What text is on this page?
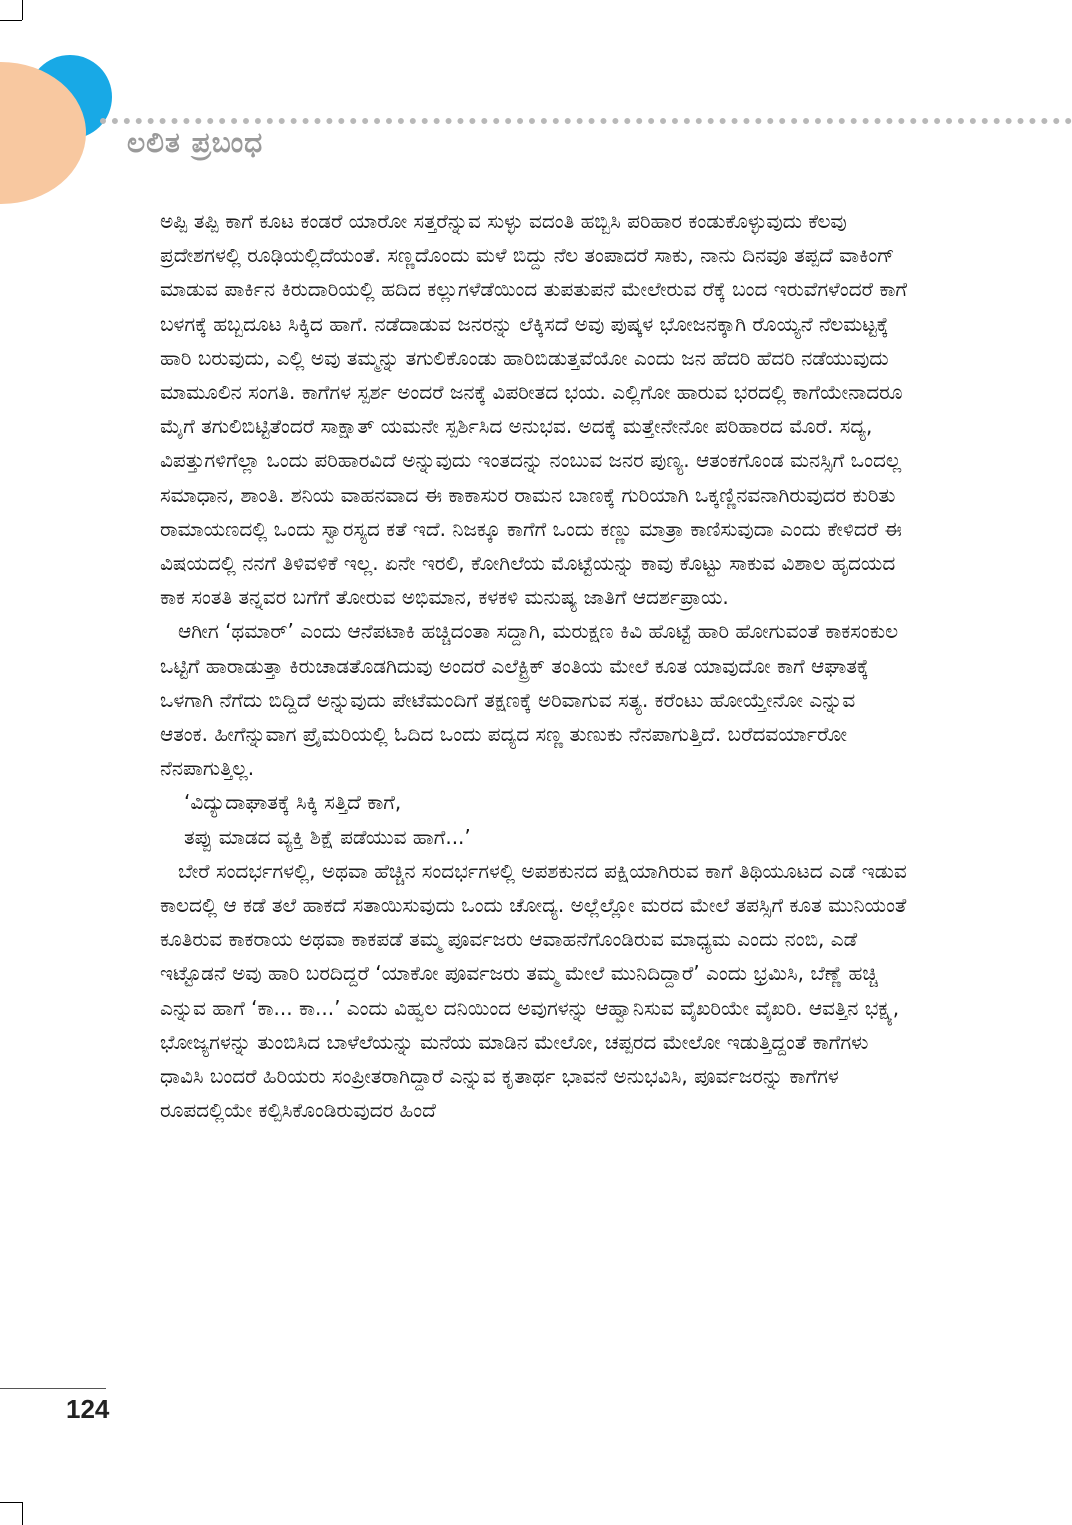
ಲಲಿತ ಪ್ರಬಂಧ

ಅಪ್ಪಿ ತಪ್ಪಿ ಕಾಗೆ ಕೂಟ ಕಂಡರೆ ಯಾರೋ ಸತ್ತರೆನ್ನುವ ಸುಳ್ಳು ವದಂತಿ ಹಬ್ಬಿಸಿ ಪರಿಹಾರ ಕಂಡುಕೊಳ್ಳುವುದು ಕೆಲವು ಪ್ರದೇಶಗಳಲ್ಲಿ ರೂಢಿಯಲ್ಲಿದೆಯಂತೆ. ಸಣ್ಣದೊಂದು ಮಳೆ ಬಿದ್ದು ನೆಲ ತಂಪಾದರೆ ಸಾಕು, ನಾನು ದಿನವೂ ತಪ್ಪದೆ ವಾಕಿಂಗ್ ಮಾಡುವ ಪಾರ್ಕಿನ ಕಿರುದಾರಿಯಲ್ಲಿ ಹದಿದ ಕಲ್ಲುಗಳೆಡೆಯಿಂದ ತುಪತುಪನೆ ಮೇಲೇರುವ ರೆಕ್ಕೆ ಬಂದ ಇರುವೆಗಳೆಂದರೆ ಕಾಗೆ ಬಳಗಕ್ಕೆ ಹಬ್ಬದೂಟ ಸಿಕ್ಕಿದ ಹಾಗೆ. ನಡೆದಾಡುವ ಜನರನ್ನು ಲೆಕ್ಕಿಸದೆ ಅವು ಪುಷ್ಕಳ ಭೋಜನಕ್ಕಾಗಿ ರೊಯ್ಯನೆ ನೆಲಮಟ್ಟಕ್ಕೆ ಹಾರಿ ಬರುವುದು, ಎಲ್ಲಿ ಅವು ತಮ್ಮನ್ನು ತಗುಲಿಕೊಂಡು ಹಾರಿಬಿಡುತ್ತವೆಯೋ ಎಂದು ಜನ ಹೆದರಿ ಹೆದರಿ ನಡೆಯುವುದು ಮಾಮೂಲಿನ ಸಂಗತಿ. ಕಾಗೆಗಳ ಸ್ಪರ್ಶ ಅಂದರೆ ಜನಕ್ಕೆ ವಿಪರೀತದ ಭಯ. ಎಲ್ಲಿಗೋ ಹಾರುವ ಭರದಲ್ಲಿ ಕಾಗೆಯೇನಾದರೂ ಮೈಗೆ ತಗುಲಿಬಿಟ್ಟಿತೆಂದರೆ ಸಾಕ್ಷಾತ್ ಯಮನೇ ಸ್ಪರ್ಶಿಸಿದ ಅನುಭವ. ಅದಕ್ಕೆ ಮತ್ತೇನೇನೋ ಪರಿಹಾರದ ಮೊರೆ. ಸದ್ಯ, ವಿಪತ್ತುಗಳಿಗೆಲ್ಲಾ ಒಂದು ಪರಿಹಾರವಿದೆ ಅನ್ನುವುದು ಇಂತದನ್ನು ನಂಬುವ ಜನರ ಪುಣ್ಯ. ಆತಂಕಗೊಂಡ ಮನಸ್ಸಿಗೆ ಒಂದಲ್ಲ ಸಮಾಧಾನ, ಶಾಂತಿ. ಶನಿಯ ವಾಹನವಾದ ಈ ಕಾಕಾಸುರ ರಾಮನ ಬಾಣಕ್ಕೆ ಗುರಿಯಾಗಿ ಒಕ್ಕಣ್ಣಿನವನಾಗಿರುವುದರ ಕುರಿತು ರಾಮಾಯಣದಲ್ಲಿ ಒಂದು ಸ್ವಾರಸ್ಯದ ಕತೆ ಇದೆ. ನಿಜಕ್ಕೂ ಕಾಗೆಗೆ ಒಂದು ಕಣ್ಣು ಮಾತ್ರಾ ಕಾಣಿಸುವುದಾ ಎಂದು ಕೇಳಿದರೆ ಈ ವಿಷಯದಲ್ಲಿ ನನಗೆ ತಿಳಿವಳಿಕೆ ಇಲ್ಲ. ಏನೇ ಇರಲಿ, ಕೋಗಿಲೆಯ ಮೊಟ್ಟೆಯನ್ನು ಕಾವು ಕೊಟ್ಟು ಸಾಕುವ ವಿಶಾಲ ಹೃದಯದ ಕಾಕ ಸಂತತಿ ತನ್ನವರ ಬಗೆಗೆ ತೋರುವ ಅಭಿಮಾನ, ಕಳಕಳಿ ಮನುಷ್ಯ ಜಾತಿಗೆ ಆದರ್ಶಪ್ರಾಯ.

ಆಗೀಗ ‘ಥಮಾರ್’ ಎಂದು ಆನೆಪಟಾಕಿ ಹಚ್ಚಿದಂತಾ ಸದ್ದಾಗಿ, ಮರುಕ್ಷಣ ಕಿವಿ ಹೊಟ್ಟೆ ಹಾರಿ ಹೋಗುವಂತೆ ಕಾಕಸಂಕುಲ ಒಟ್ಟಿಗೆ ಹಾರಾಡುತ್ತಾ ಕಿರುಚಾಡತೊಡಗಿದುವು ಅಂದರೆ ಎಲೆಕ್ಟ್ರಿಕ್ ತಂತಿಯ ಮೇಲೆ ಕೂತ ಯಾವುದೋ ಕಾಗೆ ಆಘಾತಕ್ಕೆ ಒಳಗಾಗಿ ನೆಗೆದು ಬಿದ್ದಿದೆ ಅನ್ನುವುದು ಪೇಟೆಮಂದಿಗೆ ತಕ್ಷಣಕ್ಕೆ ಅರಿವಾಗುವ ಸತ್ಯ. ಕರೆಂಟು ಹೋಯ್ತೇನೋ ಎನ್ನುವ ಆತಂಕ. ಹೀಗೆನ್ನುವಾಗ ಪ್ರೈಮರಿಯಲ್ಲಿ ಓದಿದ ಒಂದು ಪದ್ಯದ ಸಣ್ಣ ತುಣುಕು ನೆನಪಾಗುತ್ತಿದೆ. ಬರೆದವರ್ಯಾರೋ ನೆನಪಾಗುತ್ತಿಲ್ಲ.

‘ವಿದ್ಯುದಾಘಾತಕ್ಕೆ ಸಿಕ್ಕಿ ಸತ್ತಿದೆ ಕಾಗೆ,

ತಪ್ಪು ಮಾಡದ ವ್ಯಕ್ತಿ ಶಿಕ್ಷೆ ಪಡೆಯುವ ಹಾಗೆ...’

ಬೇರೆ ಸಂದರ್ಭಗಳಲ್ಲಿ, ಅಥವಾ ಹೆಚ್ಚಿನ ಸಂದರ್ಭಗಳಲ್ಲಿ ಅಪಶಕುನದ ಪಕ್ಷಿಯಾಗಿರುವ ಕಾಗೆ ತಿಥಿಯೂಟದ ಎಡೆ ಇಡುವ ಕಾಲದಲ್ಲಿ ಆ ಕಡೆ ತಲೆ ಹಾಕದೆ ಸತಾಯಿಸುವುದು ಒಂದು ಚೋದ್ಯ. ಅಲ್ಲೆಲ್ಲೋ ಮರದ ಮೇಲೆ ತಪಸ್ಸಿಗೆ ಕೂತ ಮುನಿಯಂತೆ ಕೂತಿರುವ ಕಾಕರಾಯ ಅಥವಾ ಕಾಕಪಡೆ ತಮ್ಮ ಪೂರ್ವಜರು ಆವಾಹನೆಗೊಂಡಿರುವ ಮಾಧ್ಯಮ ಎಂದು ನಂಬಿ, ಎಡೆ ಇಟ್ಟೊಡನೆ ಅವು ಹಾರಿ ಬರದಿದ್ದರೆ ‘ಯಾಕೋ ಪೂರ್ವಜರು ತಮ್ಮ ಮೇಲೆ ಮುನಿದಿದ್ದಾರೆ’ ಎಂದು ಭ್ರಮಿಸಿ, ಬೆಣ್ಣೆ ಹಚ್ಚಿ ಎನ್ನುವ ಹಾಗೆ ‘ಕಾ... ಕಾ...’ ಎಂದು ವಿಹ್ವಲ ದನಿಯಿಂದ ಅವುಗಳನ್ನು ಆಹ್ವಾನಿಸುವ ವೈಖರಿಯೇ ವೈಖರಿ. ಆವತ್ತಿನ ಭಕ್ಷ್ಯ, ಭೋಜ್ಯಗಳನ್ನು ತುಂಬಿಸಿದ ಬಾಳೆಲೆಯನ್ನು ಮನೆಯ ಮಾಡಿನ ಮೇಲೋ, ಚಪ್ಪರದ ಮೇಲೋ ಇಡುತ್ತಿದ್ದಂತೆ ಕಾಗೆಗಳು ಧಾವಿಸಿ ಬಂದರೆ ಹಿರಿಯರು ಸಂಪ್ರೀತರಾಗಿದ್ದಾರೆ ಎನ್ನುವ ಕೃತಾರ್ಥ ಭಾವನೆ ಅನುಭವಿಸಿ, ಪೂರ್ವಜರನ್ನು ಕಾಗೆಗಳ ರೂಪದಲ್ಲಿಯೇ ಕಲ್ಪಿಸಿಕೊಂಡಿರುವುದರ ಹಿಂದೆ

124
